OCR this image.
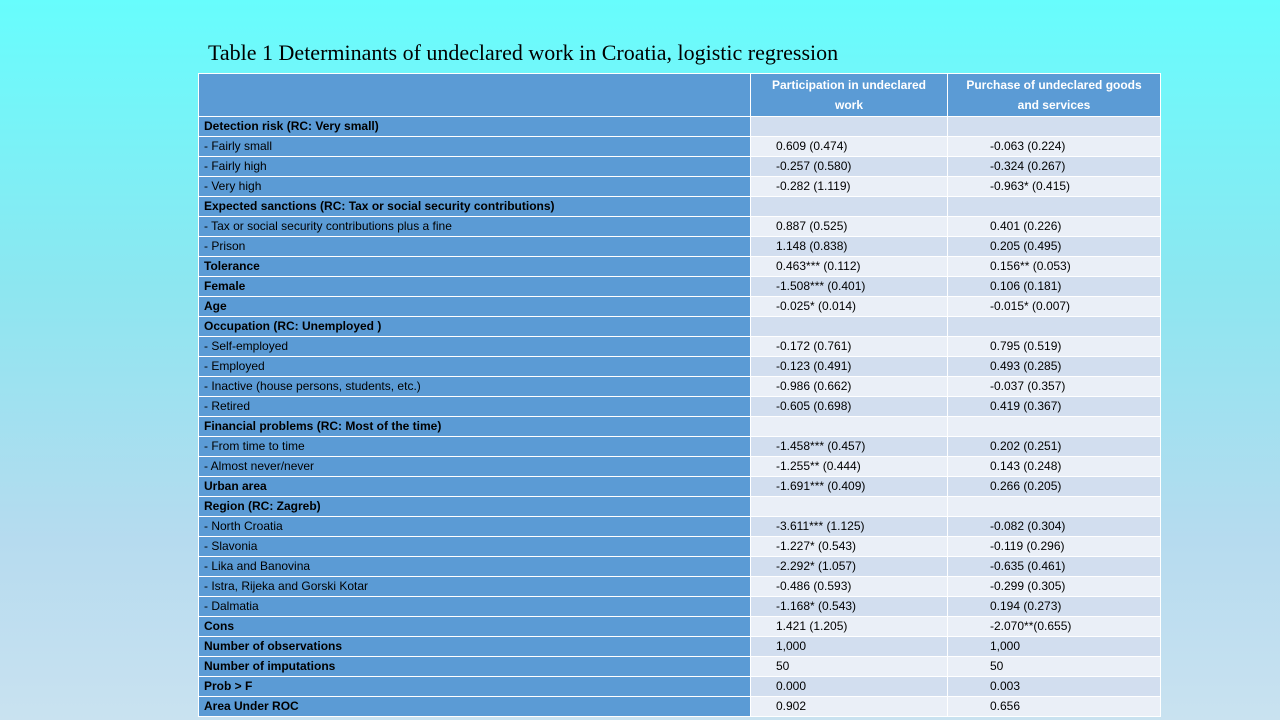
Table 1 Determinants of undeclared work in Croatia, logistic regression
	Participation in undeclared work	Purchase of undeclared goods and services
Detection risk (RC: Very small)		
- Fairly small	0.609 (0.474)	-0.063 (0.224)
- Fairly high	-0.257 (0.580)	-0.324 (0.267)
- Very high	-0.282 (1.119)	-0.963* (0.415)
Expected sanctions (RC: Tax or social security contributions)		
- Tax or social security contributions plus a fine	0.887 (0.525)	0.401 (0.226)
- Prison	1.148 (0.838)	0.205 (0.495)
Tolerance	0.463*** (0.112)	0.156** (0.053)
Female	-1.508*** (0.401)	0.106 (0.181)
Age	-0.025* (0.014)	-0.015* (0.007)
Occupation (RC: Unemployed )		
- Self-employed	-0.172 (0.761)	0.795 (0.519)
- Employed	-0.123 (0.491)	0.493 (0.285)
- Inactive (house persons, students, etc.)	-0.986 (0.662)	-0.037 (0.357)
- Retired	-0.605 (0.698)	0.419 (0.367)
Financial problems (RC: Most of the time)		
- From time to time	-1.458*** (0.457)	0.202 (0.251)
- Almost never/never	-1.255** (0.444)	0.143 (0.248)
Urban area	-1.691*** (0.409)	0.266 (0.205)
Region (RC: Zagreb)		
- North Croatia	-3.611*** (1.125)	-0.082 (0.304)
- Slavonia	-1.227* (0.543)	-0.119 (0.296)
- Lika and Banovina	-2.292* (1.057)	-0.635 (0.461)
- Istra, Rijeka and Gorski Kotar	-0.486 (0.593)	-0.299 (0.305)
- Dalmatia	-1.168* (0.543)	0.194 (0.273)
Cons	1.421 (1.205)	-2.070**(0.655)
Number of observations	1,000	1,000
Number of imputations	50	50
Prob > F	0.000	0.003
Area Under ROC	0.902	0.656
